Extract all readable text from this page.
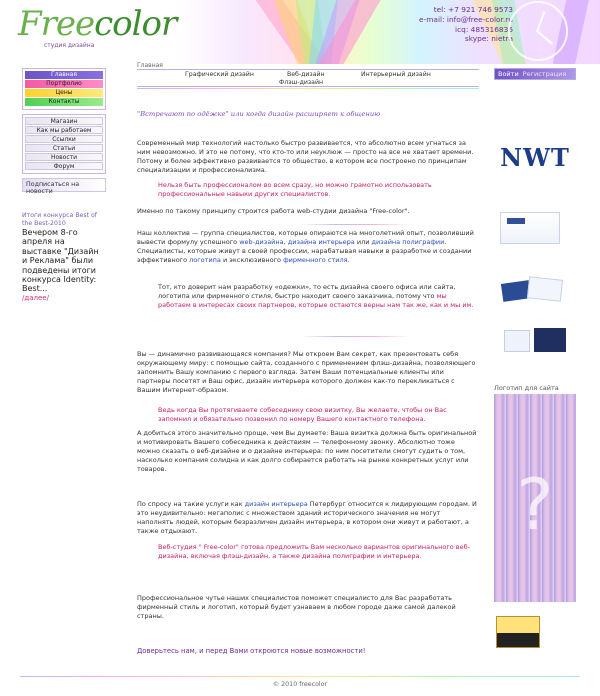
Freecolor
студия дизайна
tel: +7 921 746 9573
e-mail: info@free-color.ru
icq: 485316836
skype: nietra
Главная
Портфолио
Цены
Контакты
Магазин
Как мы работаем
Ссылки
Статьи
Новости
Форум
Подписаться на новости
Итоги конкурса Best of the Best-2010
Вечером 8-го апреля на выставке "Дизайн и Реклама" были подведены итоги конкурса Identity: Best...
/далее/
Главная
Графический дизайн	Веб-дизайн	Интерьерный дизайн
Флэш-дизайн
"Встречают по одёжке" или когда дизайн расширяет к общению
Современный мир технологий настолько быстро развивается, что абсолютно всем угнаться за ним невозможно. И это не потому, что кто-то или неуклюж — просто на все не хватает времени. Потому и более эффективно развивается то общество, в котором все построено по принципам специализации и профессионализма.
Нельзя быть профессионалом во всем сразу, но можно грамотно использовать профессиональные навыки других специалистов.
Именно по такому принципу строится работа web-студии дизайна "Free-color".
Наш коллектив — группа специалистов, которые опираются на многолетний опыт, позволивший вывести формулу успешного web-дизайна, дизайна интерьера или дизайна полиграфии. Специалисты, которые живут в своей профессии, нарабатывая навыки в разработке и создании эффективного логотипа и эксклюзивного фирменного стиля.
Тот, кто доверит нам разработку «одежки», то есть дизайна своего офиса или сайта, логотипа или фирменного стиля, быстро находит своего заказчика, потому что мы работаем в интересах своих партнеров, которые остаются верны нам так же, как и мы им.
Вы — динамично развивающаяся компания? Мы откроем Вам секрет, как презентовать себя окружающему миру: с помощью сайта, созданного с применением флэш-дизайна, позволяющего запомнить Вашу компанию с первого взгляда. Затем Ваши потенциальные клиенты или партнеры посетят и Ваш офис, дизайн интерьера которого должен как-то перекликаться с Вашим Интернет-образом.
Ведь когда Вы протягиваете собеседнику свою визитку, Вы желаете, чтобы он Вас запомнил и обязательно позвонил по номеру Вашего контактного телефона.
А добиться этого значительно проще, чем Вы думаете: Ваша визитка должна быть оригинальной и мотивировать Вашего собеседника к действиям — телефонному звонку. Абсолютно тоже можно сказать о веб-дизайне и о дизайне интерьера: по ним посетители смогут судить о том, насколько компания солидна и как долго собирается работать на рынке конкретных услуг или товаров.
По спросу на такие услуги как дизайн интерьера Петербург относится к лидирующим городам. И это неудивительно: мегаполис с множеством зданий исторического значения не могут наполнять людей, которым безразличен дизайн интерьера, в котором они живут и работают, а также отдыхают.
Веб-студия " Free-color" готова предложить Вам несколько вариантов оригинального веб-дизайна, включая флэш-дизайн, а также дизайна полиграфии и интерьера.
Профессиональное чутье наших специалистов поможет специалисто для Вас разработать фирменный стиль и логотип, который будет узнаваем в любом городе даже самой далекой страны.
Доверьтесь нам, и перед Вами откроются новые возможности!
Войти Регистрация
NWT
Логотип для сайта
?
© 2010 freecolor
